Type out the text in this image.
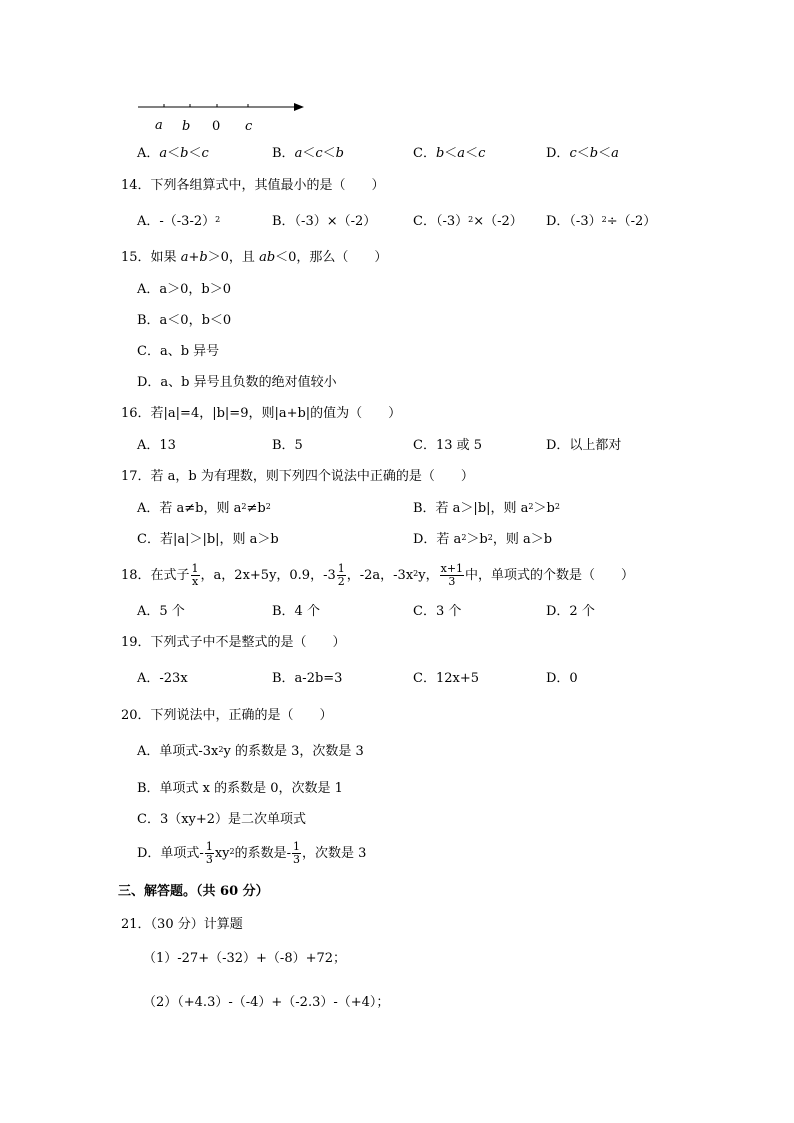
a b 0 c
A．a＜b＜c	B．a＜c＜b	C．b＜a＜c	D．c＜b＜a
14．下列各组算式中，其值最小的是（　　）
A．$-(-3-2)^2$	B．（-3）×（-2）	C．$(-3)^2\times(-2)$ D．$(-3)^2\div(-2)$
15．如果 a+b＞0，且 ab＜0，那么（　　）
A．a＞0，b＞0
B．a＜0，b＜0
C．a、b 异号
D．a、b 异号且负数的绝对值较小
16．若|a|=4，|b|=9，则|a+b|的值为（　　）
A．13	B．5	C．13 或 5	D．以上都对
17．若 a，b 为有理数，则下列四个说法中正确的是（　　）
A．若 a≠b，则 $a^2\ne b^2$	B．若 a＞|b|，则 $a^2>b^2$
C．若|a|＞|b|，则 a＞b	D．若 $a^2>b^2$，则 a＞b
18．在式子 $\frac{1}{x}$ ，a，2x+5y，0.9，$-3 \frac{1}{2}$ ，-2a，$-3x^2y$， $\frac{x+1}{3}$ 中，单项式的个数是（　　）
A．5 个	B．4 个	C．3 个	D．2 个
19．下列式子中不是整式的是（　　）
A．-23x	B．a-2b=3	C．12x+5	D．0
20．下列说法中，正确的是（　　）
A．单项式$-3x^2y$ 的系数是 3，次数是 3
B．单项式 x 的系数是 0，次数是 1
C．3（xy+2）是二次单项式
D．单项式- $\frac{1}{3} xy^2$的系数是- $\frac{1}{3}$ ，次数是 3
三、解答题。（共 60 分）
21．（30 分）计算题
（1）-27+（-32）+（-8）+72；
（2）（+4.3）-（-4）+（-2.3）-（+4）；
